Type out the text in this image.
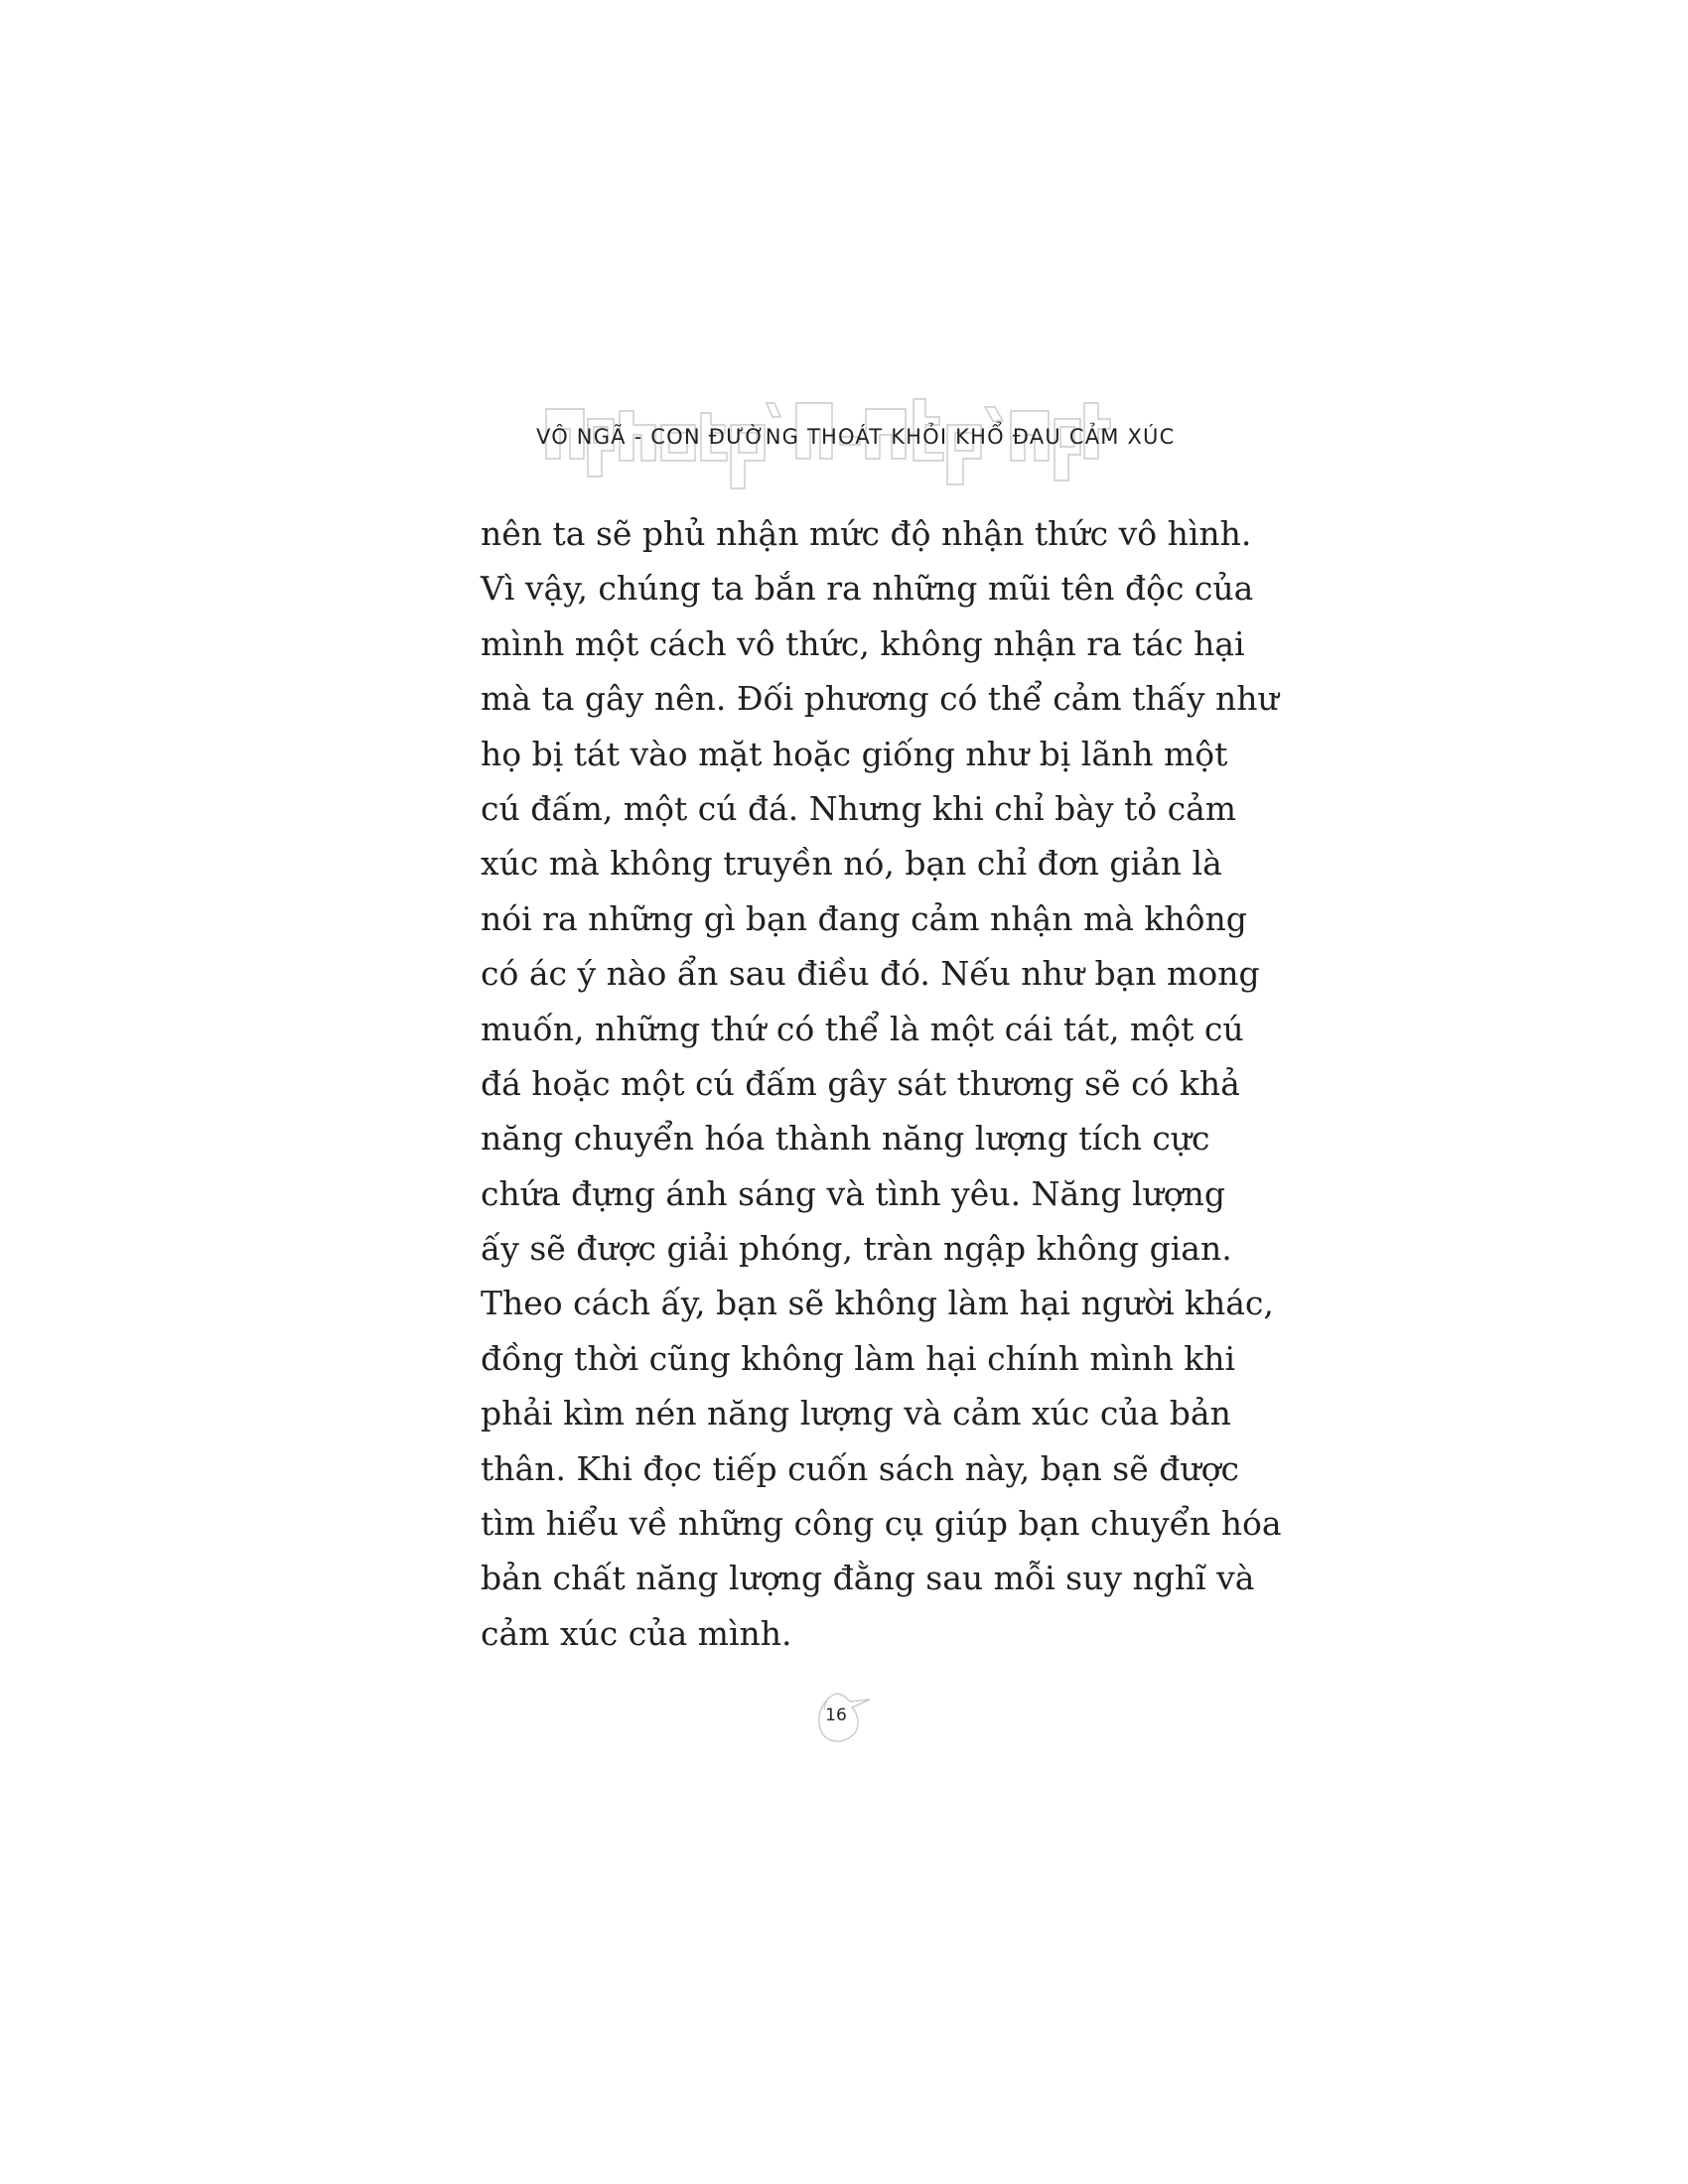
VÔ NGÃ - CON ĐƯỜNG THOÁT KHỎI KHỔ ĐAU CẢM XÚC
nên ta sẽ phủ nhận mức độ nhận thức vô hình.
Vì vậy, chúng ta bắn ra những mũi tên độc của
mình một cách vô thức, không nhận ra tác hại
mà ta gây nên. Đối phương có thể cảm thấy như
họ bị tát vào mặt hoặc giống như bị lãnh một
cú đấm, một cú đá. Nhưng khi chỉ bày tỏ cảm
xúc mà không truyền nó, bạn chỉ đơn giản là
nói ra những gì bạn đang cảm nhận mà không
có ác ý nào ẩn sau điều đó. Nếu như bạn mong
muốn, những thứ có thể là một cái tát, một cú
đá hoặc một cú đấm gây sát thương sẽ có khả
năng chuyển hóa thành năng lượng tích cực
chứa đựng ánh sáng và tình yêu. Năng lượng
ấy sẽ được giải phóng, tràn ngập không gian.
Theo cách ấy, bạn sẽ không làm hại người khác,
đồng thời cũng không làm hại chính mình khi
phải kìm nén năng lượng và cảm xúc của bản
thân. Khi đọc tiếp cuốn sách này, bạn sẽ được
tìm hiểu về những công cụ giúp bạn chuyển hóa
bản chất năng lượng đằng sau mỗi suy nghĩ và
cảm xúc của mình.
16
